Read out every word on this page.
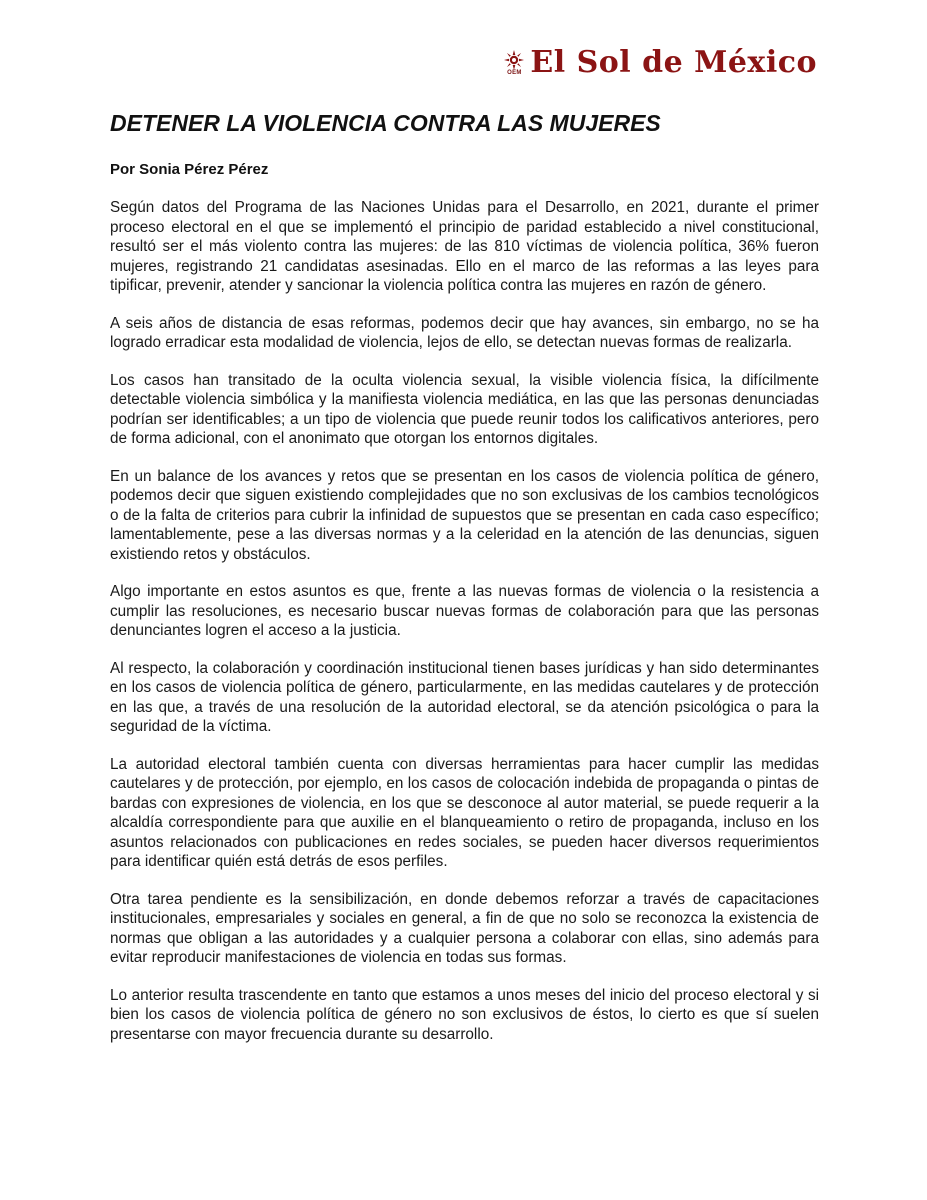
OEM El Sol de México
DETENER LA VIOLENCIA CONTRA LAS MUJERES

Por Sonia Pérez Pérez

Según datos del Programa de las Naciones Unidas para el Desarrollo, en 2021, durante el primer proceso electoral en el que se implementó el principio de paridad establecido a nivel constitucional, resultó ser el más violento contra las mujeres: de las 810 víctimas de violencia política, 36% fueron mujeres, registrando 21 candidatas asesinadas. Ello en el marco de las reformas a las leyes para tipificar, prevenir, atender y sancionar la violencia política contra las mujeres en razón de género.

A seis años de distancia de esas reformas, podemos decir que hay avances, sin embargo, no se ha logrado erradicar esta modalidad de violencia, lejos de ello, se detectan nuevas formas de realizarla.

Los casos han transitado de la oculta violencia sexual, la visible violencia física, la difícilmente detectable violencia simbólica y la manifiesta violencia mediática, en las que las personas denunciadas podrían ser identificables; a un tipo de violencia que puede reunir todos los calificativos anteriores, pero de forma adicional, con el anonimato que otorgan los entornos digitales.

En un balance de los avances y retos que se presentan en los casos de violencia política de género, podemos decir que siguen existiendo complejidades que no son exclusivas de los cambios tecnológicos o de la falta de criterios para cubrir la infinidad de supuestos que se presentan en cada caso específico; lamentablemente, pese a las diversas normas y a la celeridad en la atención de las denuncias, siguen existiendo retos y obstáculos.

Algo importante en estos asuntos es que, frente a las nuevas formas de violencia o la resistencia a cumplir las resoluciones, es necesario buscar nuevas formas de colaboración para que las personas denunciantes logren el acceso a la justicia.

Al respecto, la colaboración y coordinación institucional tienen bases jurídicas y han sido determinantes en los casos de violencia política de género, particularmente, en las medidas cautelares y de protección en las que, a través de una resolución de la autoridad electoral, se da atención psicológica o para la seguridad de la víctima.

La autoridad electoral también cuenta con diversas herramientas para hacer cumplir las medidas cautelares y de protección, por ejemplo, en los casos de colocación indebida de propaganda o pintas de bardas con expresiones de violencia, en los que se desconoce al autor material, se puede requerir a la alcaldía correspondiente para que auxilie en el blanqueamiento o retiro de propaganda, incluso en los asuntos relacionados con publicaciones en redes sociales, se pueden hacer diversos requerimientos para identificar quién está detrás de esos perfiles.

Otra tarea pendiente es la sensibilización, en donde debemos reforzar a través de capacitaciones institucionales, empresariales y sociales en general, a fin de que no solo se reconozca la existencia de normas que obligan a las autoridades y a cualquier persona a colaborar con ellas, sino además para evitar reproducir manifestaciones de violencia en todas sus formas.

Lo anterior resulta trascendente en tanto que estamos a unos meses del inicio del proceso electoral y si bien los casos de violencia política de género no son exclusivos de éstos, lo cierto es que sí suelen presentarse con mayor frecuencia durante su desarrollo.
